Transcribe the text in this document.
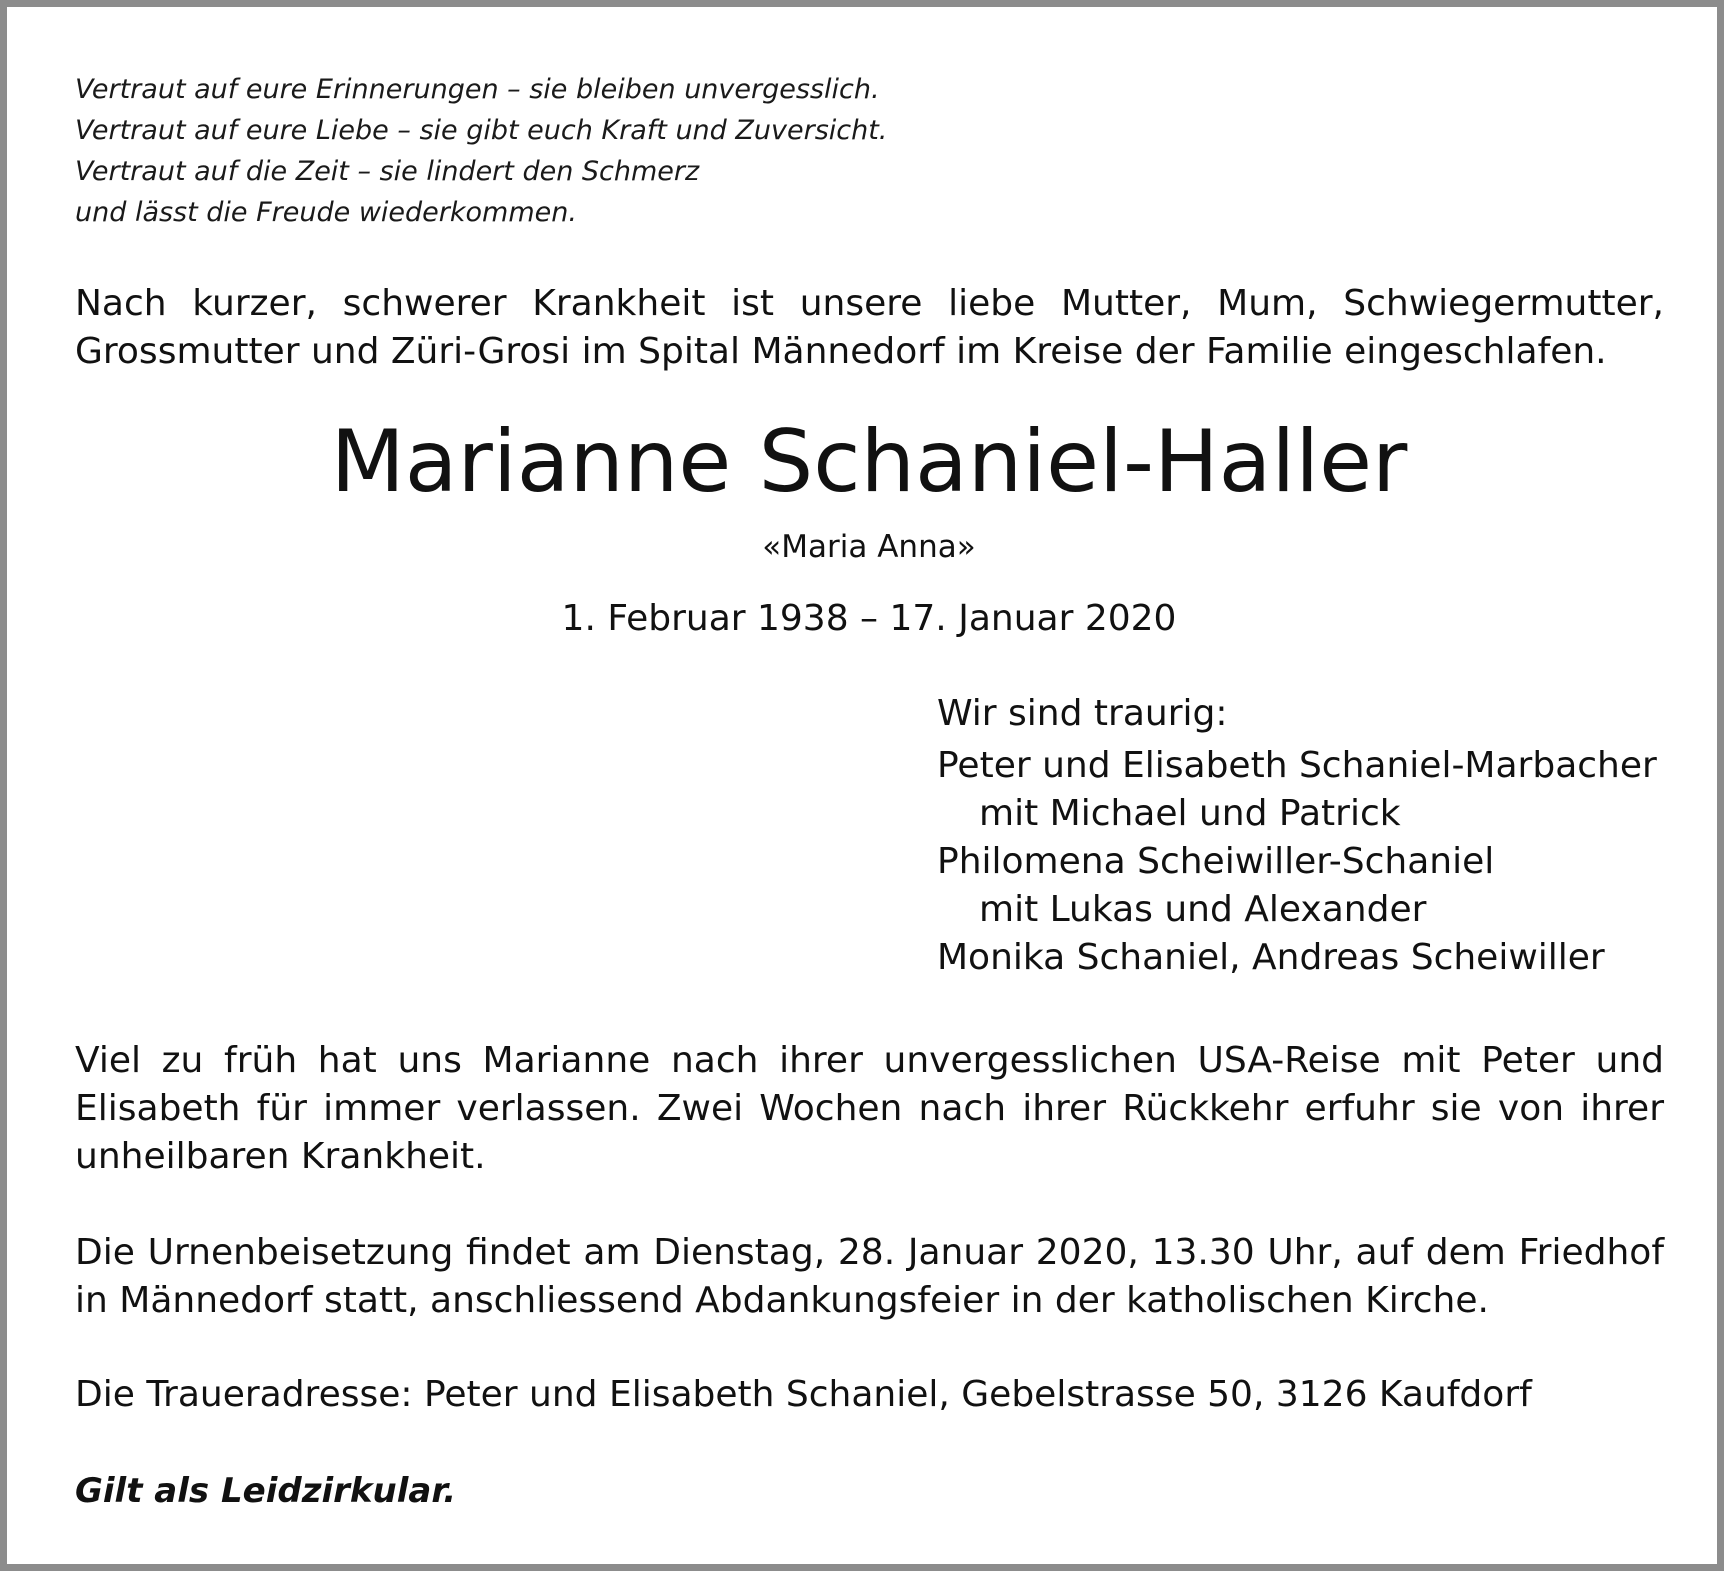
Vertraut auf eure Erinnerungen – sie bleiben unvergesslich.
Vertraut auf eure Liebe – sie gibt euch Kraft und Zuversicht.
Vertraut auf die Zeit – sie lindert den Schmerz
und lässt die Freude wiederkommen.
Nach kurzer, schwerer Krankheit ist unsere liebe Mutter, Mum, Schwiegermutter, Grossmutter und Züri-Grosi im Spital Männedorf im Kreise der Familie eingeschlafen.
Marianne Schaniel-Haller
«Maria Anna»
1. Februar 1938 – 17. Januar 2020
Wir sind traurig:
Peter und Elisabeth Schaniel-Marbacher
mit Michael und Patrick
Philomena Scheiwiller-Schaniel
mit Lukas und Alexander
Monika Schaniel, Andreas Scheiwiller
Viel zu früh hat uns Marianne nach ihrer unvergesslichen USA-Reise mit Peter und Elisabeth für immer verlassen. Zwei Wochen nach ihrer Rückkehr erfuhr sie von ihrer unheilbaren Krankheit.
Die Urnenbeisetzung findet am Dienstag, 28. Januar 2020, 13.30 Uhr, auf dem Friedhof in Männedorf statt, anschliessend Abdankungsfeier in der katholischen Kirche.
Die Traueradresse: Peter und Elisabeth Schaniel, Gebelstrasse 50, 3126 Kaufdorf
Gilt als Leidzirkular.
